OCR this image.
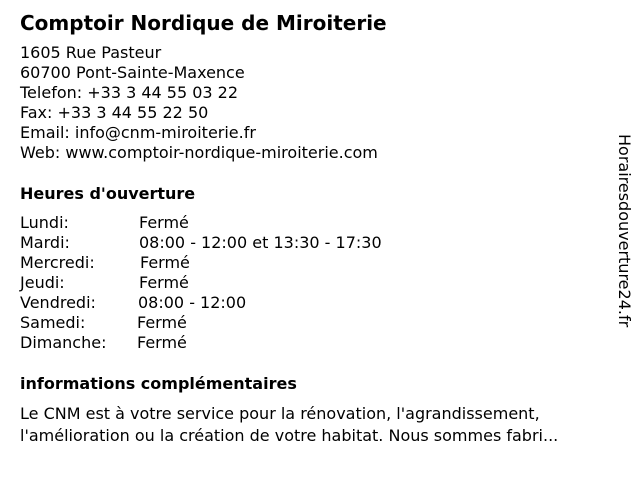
Comptoir Nordique de Miroiterie
1605 Rue Pasteur
60700 Pont-Sainte-Maxence
Telefon: +33 3 44 55 03 22
Fax: +33 3 44 55 22 50
Email: info@cnm-miroiterie.fr
Web: www.comptoir-nordique-miroiterie.com
Heures d'ouverture
Lundi:	Fermé
Mardi:	08:00 - 12:00 et 13:30 - 17:30
Mercredi:	Fermé
Jeudi:	Fermé
Vendredi:	08:00 - 12:00
Samedi:	Fermé
Dimanche: Fermé
informations complémentaires
Le CNM est à votre service pour la rénovation, l'agrandissement, l'amélioration ou la création de votre habitat. Nous sommes fabri...
Horairesdouverture24.fr
